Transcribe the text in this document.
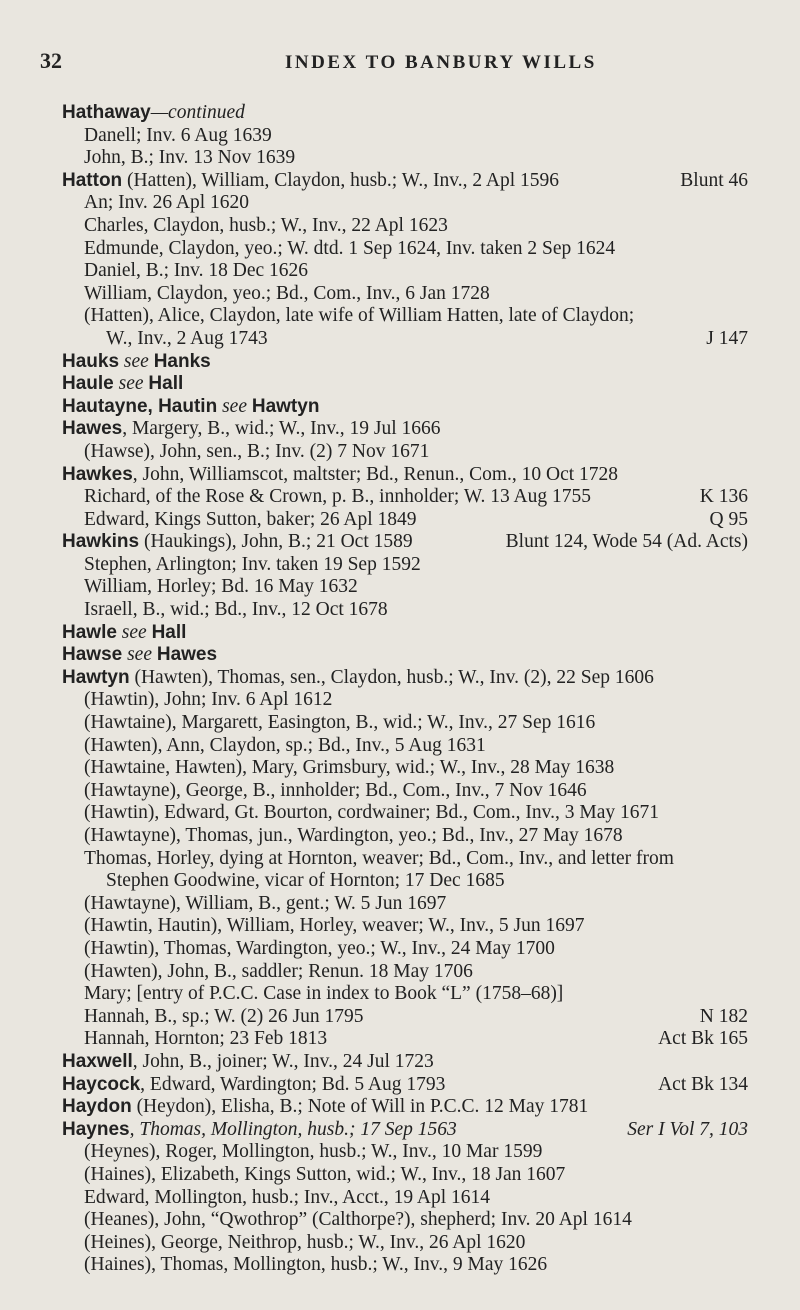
32	INDEX TO BANBURY WILLS
Hathaway—continued
Danell; Inv. 6 Aug 1639
John, B.; Inv. 13 Nov 1639
Hatton (Hatten), William, Claydon, husb.; W., Inv., 2 Apl 1596	Blunt 46
An; Inv. 26 Apl 1620
Charles, Claydon, husb.; W., Inv., 22 Apl 1623
Edmunde, Claydon, yeo.; W. dtd. 1 Sep 1624, Inv. taken 2 Sep 1624
Daniel, B.; Inv. 18 Dec 1626
William, Claydon, yeo.; Bd., Com., Inv., 6 Jan 1728
(Hatten), Alice, Claydon, late wife of William Hatten, late of Claydon;
W., Inv., 2 Aug 1743	J 147
Hauks see Hanks
Haule see Hall
Hautayne, Hautin see Hawtyn
Hawes, Margery, B., wid.; W., Inv., 19 Jul 1666
(Hawse), John, sen., B.; Inv. (2) 7 Nov 1671
Hawkes, John, Williamscot, maltster; Bd., Renun., Com., 10 Oct 1728
Richard, of the Rose & Crown, p. B., innholder; W. 13 Aug 1755	K 136
Edward, Kings Sutton, baker; 26 Apl 1849	Q 95
Hawkins (Haukings), John, B.; 21 Oct 1589	Blunt 124, Wode 54 (Ad. Acts)
Stephen, Arlington; Inv. taken 19 Sep 1592
William, Horley; Bd. 16 May 1632
Israell, B., wid.; Bd., Inv., 12 Oct 1678
Hawle see Hall
Hawse see Hawes
Hawtyn (Hawten), Thomas, sen., Claydon, husb.; W., Inv. (2), 22 Sep 1606
(Hawtin), John; Inv. 6 Apl 1612
(Hawtaine), Margarett, Easington, B., wid.; W., Inv., 27 Sep 1616
(Hawten), Ann, Claydon, sp.; Bd., Inv., 5 Aug 1631
(Hawtaine, Hawten), Mary, Grimsbury, wid.; W., Inv., 28 May 1638
(Hawtayne), George, B., innholder; Bd., Com., Inv., 7 Nov 1646
(Hawtin), Edward, Gt. Bourton, cordwainer; Bd., Com., Inv., 3 May 1671
(Hawtayne), Thomas, jun., Wardington, yeo.; Bd., Inv., 27 May 1678
Thomas, Horley, dying at Hornton, weaver; Bd., Com., Inv., and letter from
Stephen Goodwine, vicar of Hornton; 17 Dec 1685
(Hawtayne), William, B., gent.; W. 5 Jun 1697
(Hawtin, Hautin), William, Horley, weaver; W., Inv., 5 Jun 1697
(Hawtin), Thomas, Wardington, yeo.; W., Inv., 24 May 1700
(Hawten), John, B., saddler; Renun. 18 May 1706
Mary; [entry of P.C.C. Case in index to Book “L” (1758–68)]
Hannah, B., sp.; W. (2) 26 Jun 1795	N 182
Hannah, Hornton; 23 Feb 1813	Act Bk 165
Haxwell, John, B., joiner; W., Inv., 24 Jul 1723
Haycock, Edward, Wardington; Bd. 5 Aug 1793	Act Bk 134
Haydon (Heydon), Elisha, B.; Note of Will in P.C.C. 12 May 1781
Haynes, Thomas, Mollington, husb.; 17 Sep 1563	Ser I Vol 7, 103
(Heynes), Roger, Mollington, husb.; W., Inv., 10 Mar 1599
(Haines), Elizabeth, Kings Sutton, wid.; W., Inv., 18 Jan 1607
Edward, Mollington, husb.; Inv., Acct., 19 Apl 1614
(Heanes), John, “Qwothrop” (Calthorpe?), shepherd; Inv. 20 Apl 1614
(Heines), George, Neithrop, husb.; W., Inv., 26 Apl 1620
(Haines), Thomas, Mollington, husb.; W., Inv., 9 May 1626
